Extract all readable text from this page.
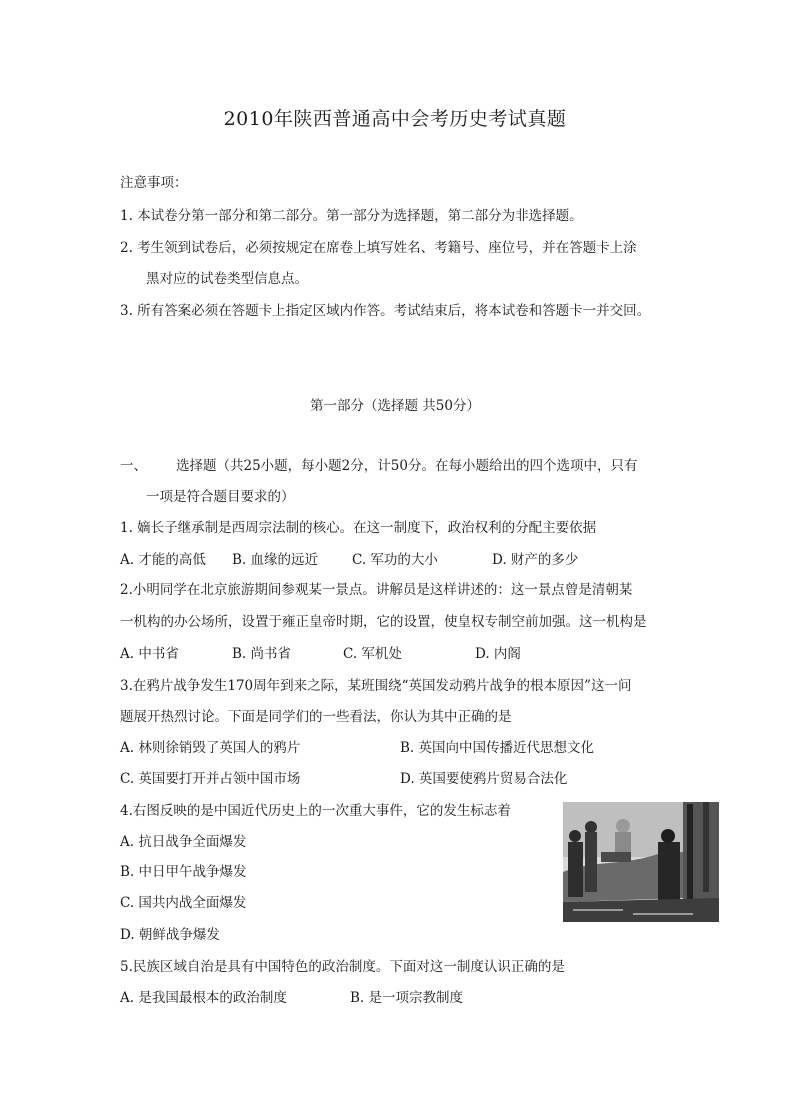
2010年陕西普通高中会考历史考试真题
注意事项：
1. 本试卷分第一部分和第二部分。第一部分为选择题，第二部分为非选择题。
2. 考生领到试卷后，必须按规定在席卷上填写姓名、考籍号、座位号，并在答题卡上涂
黑对应的试卷类型信息点。
3. 所有答案必须在答题卡上指定区域内作答。考试结束后，将本试卷和答题卡一并交回。
第一部分（选择题 共50分）
一、 选择题（共25小题，每小题2分，计50分。在每小题给出的四个选项中，只有
一项是符合题目要求的）
1. 嫡长子继承制是西周宗法制的核心。在这一制度下，政治权利的分配主要依据
A. 才能的高低 B. 血缘的远近	C. 军功的大小	D. 财产的多少
2.小明同学在北京旅游期间参观某一景点。讲解员是这样讲述的：这一景点曾是清朝某
一机构的办公场所，设置于雍正皇帝时期，它的设置，使皇权专制空前加强。这一机构是
A. 中书省	B. 尚书省	C. 军机处	D. 内阁
3.在鸦片战争发生170周年到来之际，某班围绕“英国发动鸦片战争的根本原因”这一问
题展开热烈讨论。下面是同学们的一些看法，你认为其中正确的是
A. 林则徐销毁了英国人的鸦片	B. 英国向中国传播近代思想文化
C. 英国要打开并占领中国市场	D. 英国要使鸦片贸易合法化
4.右图反映的是中国近代历史上的一次重大事件，它的发生标志着
A. 抗日战争全面爆发
B. 中日甲午战争爆发
C. 国共内战全面爆发
D. 朝鲜战争爆发
5.民族区域自治是具有中国特色的政治制度。下面对这一制度认识正确的是
A. 是我国最根本的政治制度	B. 是一项宗教制度
